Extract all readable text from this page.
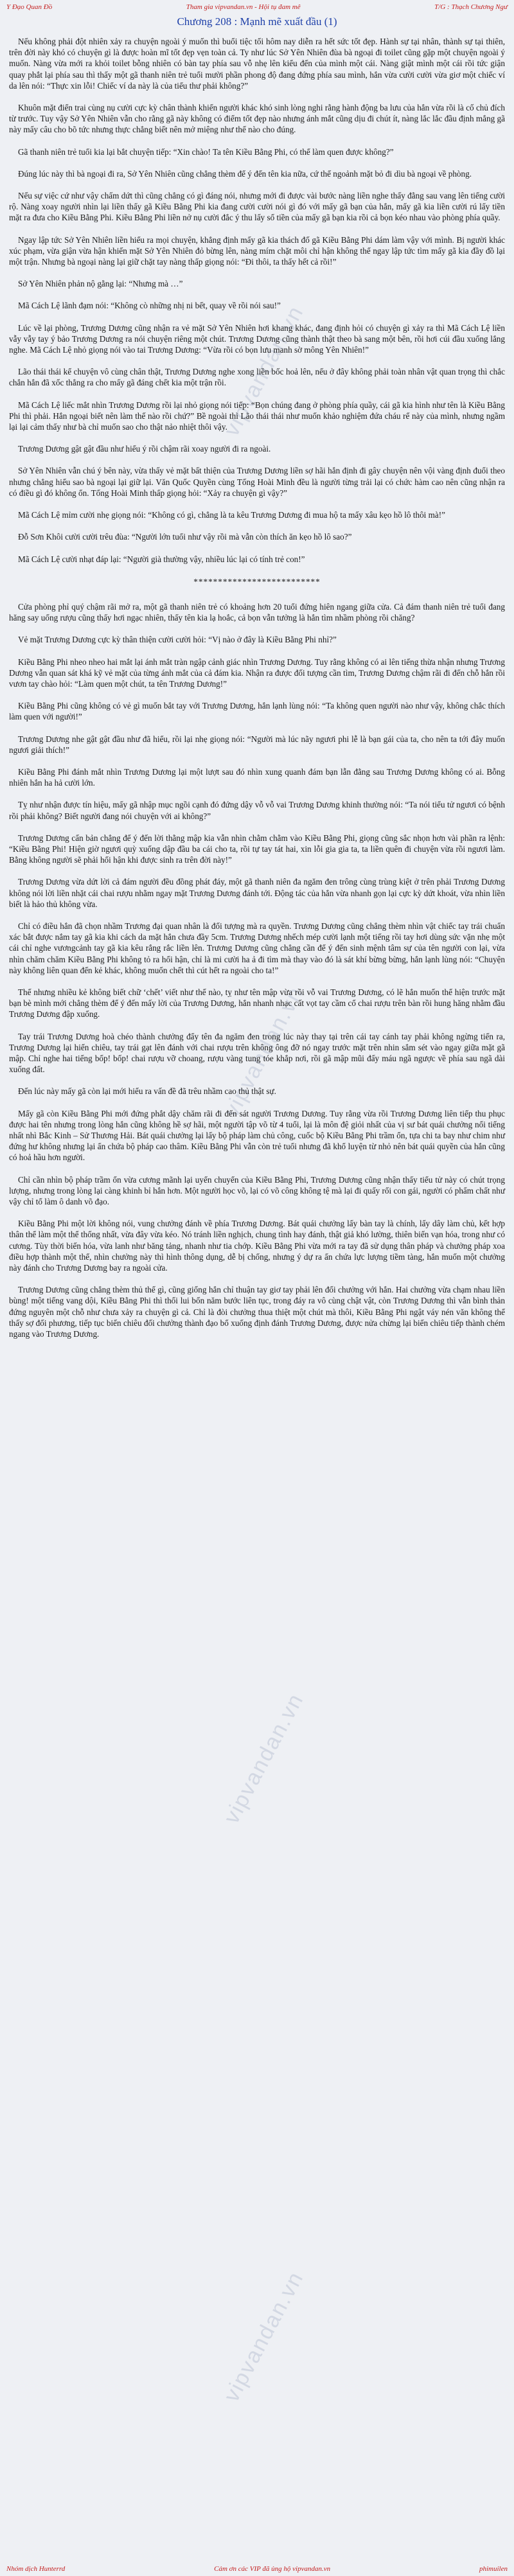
Y Đạo Quan Đồ	Tham gia vipvandan.vn - Hội tụ đam mê	T/G : Thạch Chương Ngư
Chương 208 : Mạnh mẽ xuất đầu (1)
vipvandan.vn
vipvandan.vn
vipvandan.vn
vipvandan.vn

Nếu không phải đột nhiên xảy ra chuyện ngoài ý muốn thì buổi tiệc tối hôm nay diễn ra hết sức tốt đẹp. Hành sự tại nhân, thành sự tại thiên, trên đời này khó có chuyện gì là được hoàn mĩ tốt đẹp vẹn toàn cả. Ty như lúc Sở Yên Nhiên đùa bà ngoại đi toilet cũng gặp một chuyện ngoài ý muốn. Nàng vừa mới ra khỏi toilet bỗng nhiên có bàn tay phía sau vỗ nhẹ lên kiểu đến của mình một cái. Nàng giật mình một cái rồi tức giận quay phắt lại phía sau thì thấy một gã thanh niên trẻ tuổi mười phần phong độ đang đứng phía sau mình, hắn vừa cười cười vừa giơ một chiếc ví da lên nói: “Thực xin lỗi! Chiếc ví da này là của tiểu thư phải không?”

Khuôn mặt điển trai cùng nụ cười cực kỳ chân thành khiến người khác khó sinh lòng nghi rằng hành động ba lưu của hắn vừa rồi là cố chủ đích từ trước. Tuy vậy Sở Yên Nhiên vẫn cho rằng gã này không có điểm tốt đẹp nào nhưng ánh mắt cũng dịu đi chút ít, nàng lắc lắc đầu định mắng gã này mấy câu cho bõ tức nhưng thực chẳng biết nên mở miệng như thế nào cho đúng.

Gã thanh niên trẻ tuổi kia lại bắt chuyện tiếp: “Xin chào! Ta tên Kiều Bằng Phi, có thể làm quen được không?”

Đúng lúc này thì bà ngoại đi ra, Sở Yên Nhiên cũng chẳng thèm để ý đến tên kia nữa, cứ thế ngoảnh mặt bỏ đi dìu bà ngoại về phòng.

Nếu sự việc cứ như vậy chấm dứt thì cũng chẳng có gì đáng nói, nhưng mới đi được vài bước nàng liền nghe thấy đằng sau vang lên tiếng cười rộ. Nàng xoay người nhìn lại liền thấy gã Kiều Bằng Phi kia đang cười cười nói gì đó với mấy gã bạn của hắn, mấy gã kia liền cười rú lấy tiền mặt ra đưa cho Kiều Bằng Phi. Kiều Bằng Phi liền nở nụ cười đắc ý thu lấy số tiền của mấy gã bạn kia rồi cả bọn kéo nhau vào phòng phía quầy.

Ngay lập tức Sở Yên Nhiên liền hiểu ra mọi chuyện, khẳng định mấy gã kia thách đố gã Kiều Bằng Phi dám làm vậy với mình. Bị người khác xúc phạm, vừa giận vừa hận khiến mặt Sở Yên Nhiên đỏ bừng lên, nàng mím chặt môi chỉ hận không thể ngay lập tức tìm mấy gã kia đầy đồ lại một trận. Nhưng bà ngoại nàng lại giữ chặt tay nàng thấp giọng nói: “Đi thôi, ta thấy hết cả rồi!”

Sở Yên Nhiên phản nộ gằng lại: “Nhưng mà …”

Mã Cách Lệ lãnh đạm nói: “Không cò những nhị ni bết, quay về rồi nói sau!”

Lúc về lại phòng, Trương Dương cũng nhận ra vẻ mặt Sở Yên Nhiên hơi khang khác, đang định hỏi có chuyện gì xảy ra thì Mã Cách Lệ liền vẫy vẫy tay ý bảo Trương Dương ra nói chuyện riêng một chút. Trương Dương cũng thành thật theo bà sang một bên, rồi hơi cúi đầu xuống lắng nghe. Mã Cách Lệ nhỏ giọng nói vào tai Trương Dương: “Vừa rồi có bọn lưu manh sờ mông Yên Nhiên!”

Lão thái thái kể chuyện vô cùng chân thật, Trương Dương nghe xong liền bốc hoả lên, nếu ở đây không phải toàn nhân vật quan trọng thì chắc chắn hắn đã xốc thẳng ra cho mấy gã đáng chết kia một trận rồi.

Mã Cách Lệ liếc mắt nhìn Trương Dương rồi lại nhỏ giọng nói tiếp: “Bọn chúng đang ở phòng phía quầy, cái gã kia hình như tên là Kiều Bằng Phi thì phải. Hắn ngoại biết nên làm thế nào rồi chứ?” Bề ngoài thì Lão thái thái như muốn khảo nghiệm đứa cháu rể này của mình, nhưng ngầm lại lại cảm thấy như bà chỉ muốn sao cho thật nảo nhiệt thôi vậy.

Trương Dương gật gật đầu như hiểu ý rồi chậm rãi xoay người đi ra ngoài.

Sở Yên Nhiên vẫn chú ý bên này, vừa thấy vẻ mặt bất thiện của Trương Dương liền sợ hãi hắn định đi gây chuyện nên vội vàng định đuổi theo nhưng chẳng hiểu sao bà ngoại lại giữ lại. Văn Quốc Quyền cùng Tống Hoài Minh đều là người từng trải lại có chức hàm cao nên cũng nhận ra có điều gì đó không ổn. Tống Hoài Minh thấp giọng hỏi: “Xảy ra chuyện gì vậy?”

Mã Cách Lệ mỉm cười nhẹ giọng nói: “Không có gì, chẳng là ta kêu Trương Dương đi mua hộ ta mấy xâu kẹo hồ lô thôi mà!”

Đỗ Sơn Khôi cười cười trêu đùa: “Người lớn tuổi như vậy rồi mà vẫn còn thích ăn kẹo hồ lô sao?”

Mã Cách Lệ cười nhạt đáp lại: “Người già thường vậy, nhiều lúc lại có tính trẻ con!”

**************************

Cửa phòng phỉ quý chậm rãi mở ra, một gã thanh niên trẻ có khoảng hơn 20 tuổi đứng hiên ngang giữa cửa. Cả đám thanh niên trẻ tuổi đang hăng say uống rượu cũng thấy hơi ngạc nhiên, thấy tên kia lạ hoắc, cả bọn vẫn tưởng là hắn tìm nhầm phòng rồi chăng?

Vẻ mặt Trương Dương cực kỳ thân thiện cười cười hỏi: “Vị nào ở đây là Kiều Bằng Phi nhỉ?”

Kiều Bằng Phi nheo nheo hai mắt lại ánh mắt tràn ngập cảnh giác nhìn Trương Dương. Tuy rằng không có ai lên tiếng thừa nhận nhưng Trương Dương vẫn quan sát khá kỹ vẻ mặt của từng ánh mắt của cả đám kia. Nhận ra được đối tượng cần tìm, Trương Dương chậm rãi đi đến chỗ hắn rồi vươn tay chào hỏi: “Làm quen một chút, ta tên Trương Dương!”

Kiều Bằng Phi cũng không có vẻ gì muốn bắt tay với Trương Dương, hắn lạnh lùng nói: “Ta không quen người nào như vậy, không chắc thích làm quen với người!”

Trương Dương nhe gật gật đầu như đã hiểu, rồi lại nhẹ giọng nói: “Người mà lúc nãy ngươi phi lễ là bạn gái của ta, cho nên ta tới đây muốn ngươi giải thích!”

Kiều Bằng Phi đánh mắt nhìn Trương Dương lại một lượt sau đó nhìn xung quanh đám bạn lẫn đằng sau Trương Dương không có ai. Bỗng nhiên hắn ha hả cười lớn.

Tỵ như nhận được tín hiệu, mấy gã nhập mục ngồi cạnh đó đứng dậy vỗ vỗ vai Trương Dương khinh thường nói: “Ta nói tiểu tử ngươi có bệnh rồi phải không? Biết người đang nói chuyện với ai không?”

Trương Dương cẩn bản chẳng để ý đến lời thằng mập kia vẫn nhìn chằm chằm vào Kiều Bằng Phi, giọng cũng sắc nhọn hơn vài phần ra lệnh: “Kiều Bằng Phi! Hiện giờ ngươi quỳ xuống dập đầu ba cái cho ta, rồi tự tay tát hai, xin lỗi gia gia ta, ta liền quên đi chuyện vừa rồi ngươi làm. Bằng không người sẽ phải hối hận khi được sinh ra trên đời này!”

Trương Dương vừa dứt lời cả đám người đều đồng phát đáy, một gã thanh niên đa ngăm đen trông cùng trùng kiệt ở trên phải Trương Dương không nói lời liền nhặt cái chai rượu nhằm ngay mặt Trương Dương đánh tới. Động tác của hắn vừa nhanh gọn lại cực kỳ dứt khoát, vừa nhìn liền biết là hảo thủ không vừa.

Chỉ có điều hắn đã chọn nhầm Trương đại quan nhân là đối tượng mà ra quyền. Trương Dương cũng chẳng thèm nhìn vật chiếc tay trái chuẩn xác bắt được nắm tay gã kia khi cách da mặt hắn chưa đầy 5cm. Trương Dương nhếch mép cười lạnh một tiếng rồi tay hơi dùng sức vặn nhẹ một cái chỉ nghe vươngcảnh tay gã kia kêu rắng rắc liền lên. Trương Dương cũng chẳng cần để ý đến sinh mệnh tâm sự của tên người con lại, vừa nhìn chăm chăm Kiều Bằng Phi không tỏ ra hối hận, chỉ là mi cười ha ả đi tìm mà thay vào đó là sát khí bừng bừng, hắn lạnh lùng nói: “Chuyện này không liên quan đến kẻ khác, không muốn chết thì cút hết ra ngoài cho ta!”

Thế nhưng nhiều kẻ không biết chữ ‘chết’ viết như thế nào, tỵ như tên mập vừa rồi vỗ vai Trương Dương, có lẽ hắn muốn thể hiện trước mặt bạn bè mình mới chẳng thèm để ý đến mấy lời của Trương Dương, hắn nhanh nhạc cất vọt tay cầm cổ chai rượu trên bàn rồi hung hăng nhằm đầu Trương Dương đập xuống.

Tay trái Trương Dương hoà chéo thành chưởng đẩy tên đa ngăm đen trong lúc này thay tại trên cái tay cánh tay phải không ngừng tiến ra, Trương Dương lại hiến chiêu, tay trái gạt lên đánh với chai rượu trên không ông đỡ nó ngay trước mặt trên nhin sắm sét vào ngay giữa mặt gã mập. Chỉ nghe hai tiếng bốp! bốp! chai rượu vỡ choang, rượu vàng tung tóe khắp nơi, rồi gã mập mũi đấy máu ngã ngược về phía sau ngã dài xuống đất.

Đến lúc này mấy gã còn lại mới hiểu ra vấn đề đã trêu nhầm cao thủ thật sự.

Mấy gã còn Kiều Bằng Phi mới đứng phắt dậy chăm rãi đi đến sát người Trương Dương. Tuy rằng vừa rồi Trương Dương liên tiếp thu phục được hai tên nhưng trong lòng hắn cũng không hề sợ hãi, một người tập võ từ 4 tuổi, lại là môn đệ giỏi nhất của vị sư bát quái chưởng nổi tiếng nhất nhì Bắc Kinh – Sử Thương Hải. Bát quái chưởng lại lấy bộ pháp làm chủ công, cuốc bộ Kiều Bằng Phi trầm ổn, tựa chi ta bay như chim như đứng hư không nhưng lại ẩn chứa bộ pháp cao thâm. Kiều Bằng Phi vẫn còn trẻ tuổi nhưng đã khổ luyện từ nhỏ nên bát quái quyền của hắn cũng có hoả hầu hơn người.

Chỉ cần nhìn bộ pháp trầm ổn vừa cương mãnh lại uyển chuyển của Kiều Bằng Phi, Trương Dương cũng nhận thấy tiểu tử này có chút trọng lượng, nhưng trong lòng lại càng khinh bỉ hắn hơn. Một người học võ, lại có võ công không tệ mà lại đi quấy rối con gái, người có phẩm chất như vậy chỉ tổ làm ô danh võ đạo.

Kiều Bằng Phi một lời không nói, vung chưởng đánh về phía Trương Dương. Bát quái chưởng lấy bàn tay là chính, lấy dây làm chủ, kết hợp thân thể làm một thể thống nhất, vừa đây vừa kéo. Nó tránh liền nghịch, chung tình hay đánh, thật giả khó lường, thiên biến vạn hóa, trong như có cương. Tùy thời biến hóa, vừa lanh như băng tảng, nhanh như tia chớp. Kiều Bằng Phi vừa mới ra tay đã sử dụng thân pháp và chưởng pháp xoa điều hợp thành một thể, nhìn chưởng này thì hình thông dụng, dễ bị chống, nhưng ý dự ra ẩn chứa lực lượng tiềm tàng, hắn muốn một chưởng này đánh cho Trương Dương bay ra ngoài cửa.

Trương Dương cũng chẳng thèm thủ thế gì, cũng giống hắn chỉ thuận tay giơ tay phải lên đối chưởng với hắn. Hai chưởng vừa chạm nhau liền bùng! một tiếng vang dội, Kiều Bằng Phi thì thối lui bốn năm bước liên tục, trong đáy ra vô cùng chật vật, còn Trương Dương thì vẫn bình thản đứng nguyên một chỗ như chưa xảy ra chuyện gì cả. Chỉ là đòi chưởng thua thiệt một chút mà thôi, Kiều Bằng Phi ngật váy nén văn không thể thấy sợ đối phương, tiếp tục biến chiêu đối chưởng thành đạo bổ xuống định đánh Trương Dương, được nửa chừng lại biến chiêu tiếp thành chém ngang vào Trương Dương.

Nhóm dịch Hunterrd	Cảm ơn các VIP đã ủng hộ vipvandan.vn	phimuilen
